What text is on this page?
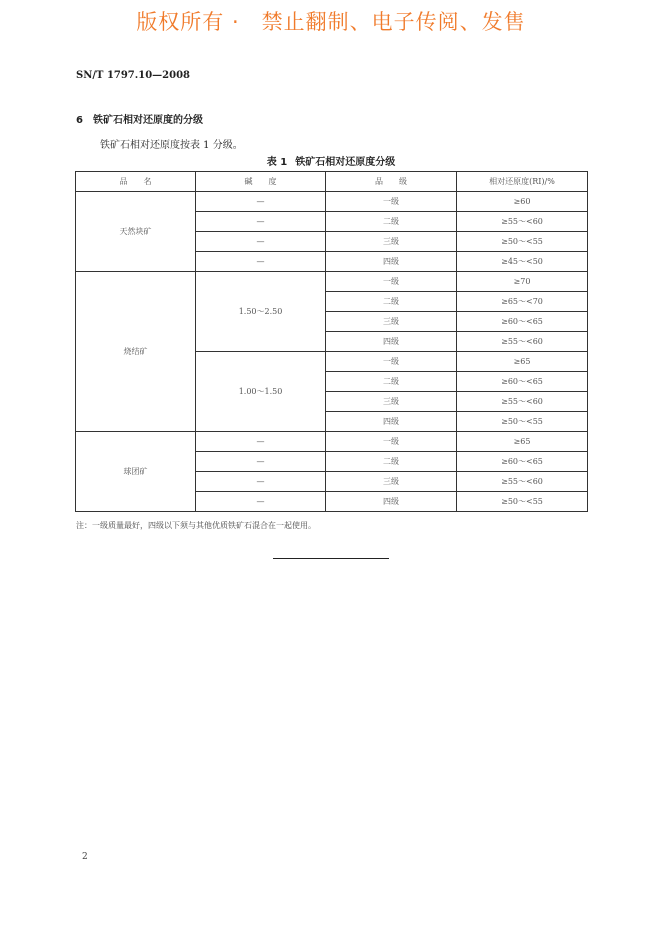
版权所有 ·　禁止翻制、电子传阅、发售
SN/T 1797.10—2008
6 铁矿石相对还原度的分级
铁矿石相对还原度按表 1 分级。
表 1 铁矿石相对还原度分级
品　　名	碱　　度	品　　级	相对还原度(RI)/%
天然块矿	—	一级	≥60
	—	二级	≥55～<60
	—	三级	≥50～<55
	—	四级	≥45～<50
烧结矿	1.50～2.50	一级	≥70
		二级	≥65～<70
		三级	≥60～<65
		四级	≥55～<60
	1.00～1.50	一级	≥65
		二级	≥60～<65
		三级	≥55～<60
		四级	≥50～<55
球团矿	—	一级	≥65
	—	二级	≥60～<65
	—	三级	≥55～<60
	—	四级	≥50～<55
注：一级质量最好，四级以下须与其他优质铁矿石混合在一起使用。
2
